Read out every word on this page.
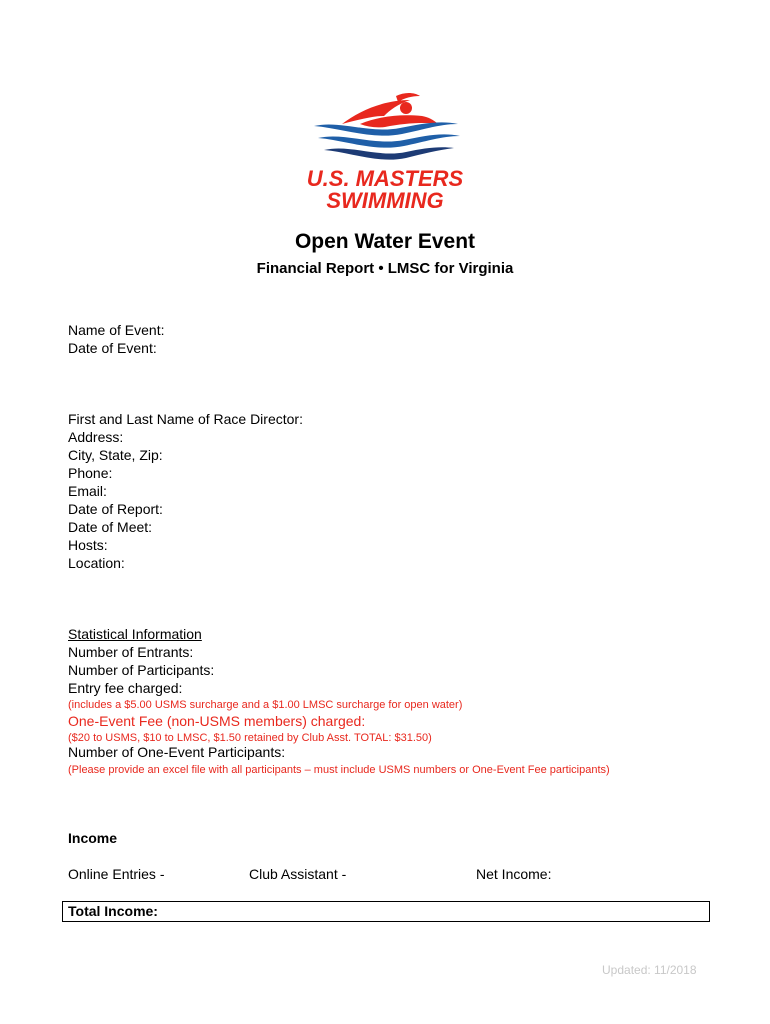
U.S. MASTERS
SWIMMING
Open Water Event
Financial Report • LMSC for Virginia
Name of Event:
Date of Event:
First and Last Name of Race Director:
Address:
City, State, Zip:
Phone:
Email:
Date of Report:
Date of Meet:
Hosts:
Location:
Statistical Information
Number of Entrants:
Number of Participants:
Entry fee charged:
(includes a $5.00 USMS surcharge and a $1.00 LMSC surcharge for open water)
One-Event Fee (non-USMS members) charged:
($20 to USMS, $10 to LMSC, $1.50 retained by Club Asst. TOTAL: $31.50)
Number of One-Event Participants:
(Please provide an excel file with all participants – must include USMS numbers or One-Event Fee participants)
Income
Online Entries -	Club Assistant -	Net Income:
Total Income:
Updated: 11/2018
